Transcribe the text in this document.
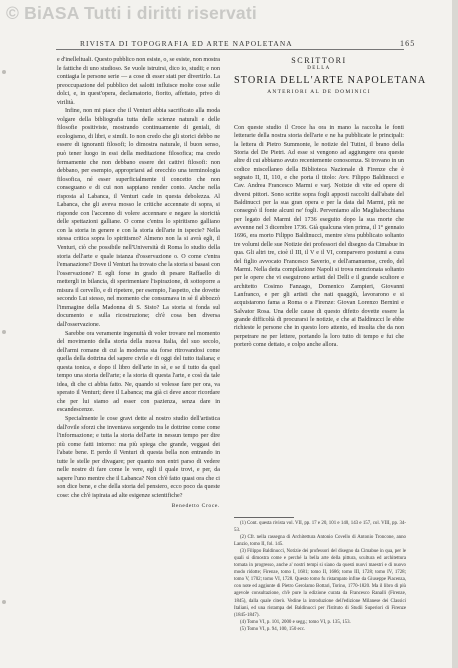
© BiASA Tutti i diritti riservati
RIVISTA DI TOPOGRAFIA ED ARTE NAPOLETANA	165

e d'inelleltuali. Questo pubblico non esiste, o, se esiste, non mostra le fattiche di uno studioso. Se vuole istruirsi, dico io, studii; e non contiagia le persone serie — a cose di esser stati per divertirlo. La preoccupazione del pubblico dei salotti influisce molte cose sulle dolci, e, in quest'opera, declamatorio, fiorito, affettato, privo di virilità.

Infine, non mi piace che il Venturi abbia sacrificato alla moda volgare della bibliografia tutta delle scienze naturali e delle filosofie positiviste, mostrando continuamente di geniali, di ecologismo, di libri, e simili. Io non credo che gli storici debbo ne essere di ignoranti filosofi; lo dimostra naturale, il buon senso, può tener luogo in essi della meditazione filosofica; ma credo fermamente che non debbano essere dei cattivi filosofi: non debbano, per esempio, appropriarsi ad orecchio una terminologia filosofica, né esser superficialmente il concetto che non conseguano e di cui non sappiano render conto. Anche nella risposta al Labanca, il Venturi cade in questa debolezza. Al Labanca, che gli aveva mosso le critiche accennate di sopra, si risponde con l'accenno di volere accennare e negare la storicità delle spettazioni galliane. O come c'entra lo spiritismo galliano con la storia in genere e con la storia dell'arte in ispecie? Nella stessa critica sopra lo spiritismo? Almeno non la si avrà egli, il Venturi, ciò che possibile nell'Università di Roma lo studio della storia dell'arte e quale istanza d'osservazione o. O come c'entra l'emanazione? Dove il Venturi ha trovato che la storia si basasi con l'osservazione? E egli forse in grado di pesare Raffaello di mettergli in bilancia, di sperimentare l'ispirazione, di sottoporre a misura il cervello, e di ripetere, per esempio, l'aspetto, che dovette secondo Lui stesso, nel momento che consumava in sé il abbozzò l'immagine della Madonna di S. Sisto? La storia si fonda sul documento e sulla ricostruzione; ch'è cosa ben diversa dall'osservazione.

Sarebbe ora veramente ingenuità di voler trovare nel momento del movimento della storia della nuova Italia, del suo secolo, dell'armi romane di cui la moderna sta forse ritrovandosi come quella della dottrina del sapere civile e di oggi del tutto italiana; e questa tonica, e dopo il libro dell'arte in sè, e se il tutto da quel tempo una storia dell'arte; e la storia di questa l'arte, e così da tale idea, di che ci abbia fatto. Ne, quando si volesse fare per ora, va sperato il Venturi; deve il Labanca; ma già ci deve ancor ricordare che per lui siamo ad esser con pazienza, senza dare in escandescenze.

Specialmente le cose gravi dette al nostro studio dell'artistica dall'ovile sforzi che inventava sorgendo tra le dottrine come come l'informazione; e tutta la storia dell'arte in nessun tempo per dire più come fatti intorno: ma più spiega che grande, veggasi dei l'abate bene. E perdo il Venturi di questa bella non entrando in tutte le stelle per divagare; per quanto non entri parso di vedere nelle nostre di fare come le vere, egli il quale trovi, e per, da sapere l'uno mentre che il Labanca? Non ch'è fatto quasi ora che ci son dice bene, e che della storia del pensiero, ecco poco da queste cose: che ch'è ispirata ad alte esigenze scientifiche?

Benedetto Croce.
SCRITTORI
DELLA
STORIA DELL'ARTE NAPOLETANA
ANTERIORI AL DE DOMINICI
Con queste studio il Croce ha ora in mano la raccolta le fonti letterarie della nostra storia dell'arte e ne ha pubblicate le principali: la lettera di Pietro Summonte, le notizie del Tutini, il brano della Storia del De Pietri. Ad esse si vengono ad aggiungere ora queste altre di cui abbiamo avuto recentemente conoscenza. Si trovano in un codice miscellaneo della Biblioteca Nazionale di Firenze che è segnato II, II, 110, e che porta il titolo: Avv. Filippo Baldinucci e Cav. Andrea Francesco Marmi e varj. Notizie di vite ed opere di diversi pittori. Sono scritte sopra fogli apposti raccolti dall'abate del Baldinucci per la sua gran opera e per la data dal Marmi, più ne consegnò il fonte alcuni ne' fogli. Perveniamo allo Magliabecchiana per legato del Marmi del 1736 eseguito dopo la sua morte che avvenne nel 3 dicembre 1736. Già qualcuna vien prima, il 1° gennaio 1696, era morto Filippo Baldinucci, mentre s'era pubblicato soltanto tre volumi delle sue Notizie dei professori del disegno da Cimabue in qua. Gli altri tre, cioè il III, il V e il VI, comparvero postumi a cura del figlio avvocato Francesco Saverio, e dell'amanuense, credo, del Marmi. Nella detta compilazione Napoli si trova menzionata soltanto per le opere che vi eseguirono artisti del Delli e il grande scultore e architetto Cosimo Fanzago, Domenico Zampieri, Giovanni Lanfranco, e per gli artisti che nati quaggiù, lavorarono e si acquistarono fama a Roma o a Firenze: Giovan Lorenzo Bernini e Salvator Rosa. Una delle cause di questo difetto dovette essere la grande difficoltà di procurarsi le notizie, e che ai Baldinucci le ebbe richieste le persone che in questo loro attento, ed insulta che da non perpetrare ne per lettere, portando la loro tutto di tempo e fui che porterò come dettato, e colpo anche allora.
(1) Cont. questa rivista vol. VII, pp. 17 e 20, 101 e 140, 143 e 157, col. VIII, pp. 34-53.
(2) Cfr. nella rassegna di Architettura Antonio Covello di Antonio Troncone, anno Lanzio, tomo II, fol. 145.
(3) Filippo Baldinucci, Notizie dei professori del disegno da Cimabue in qua, per le quali si dimostra come e perché la bella arte della pittura, scultura ed architettura tornata in progresso, anche a' nostri tempi si siano da questi nuovi maestri e di nuovo modo ridotte; Firenze, tomo I, 1681; tomo II, 1686; tomo III, 1728; tomo IV, 1728; tomo V, 1702; tomo VI, 1728. Questo tomo fu ristampato infine da Giuseppe Piacenza, con note ed aggiunte di Pietro Gerolamo Bottari, Torino, 1770-1820. Ma il libro di più agevole consultazione, ch'è pure la edizione curata da Francesco Ranalli (Firenze, 1845), dalla quale citerò. Vedine la introduzione dell'edizione Milanese dei Classici Italiani, ed una ristampa del Baldinucci per l'Istituto di Studii Superiori di Firenze (1845-1847).
(4) Tomo VI, p. 101, 2000 e segg.; tomo VI, p. 135, 153.
(5) Tomo VI, p. 94, 100, 150 ecc.
